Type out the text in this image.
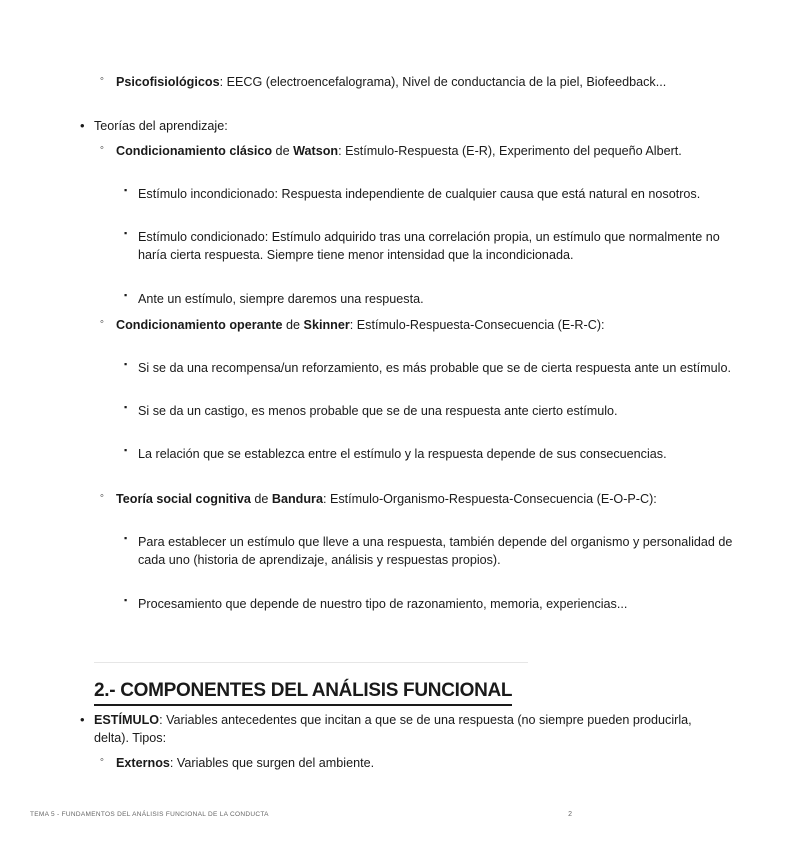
◦ Psicofisiológicos: EECG (electroencefalograma), Nivel de conductancia de la piel, Biofeedback...
• Teorías del aprendizaje:
◦ Condicionamiento clásico de Watson: Estímulo-Respuesta (E-R), Experimento del pequeño Albert.
▪ Estímulo incondicionado: Respuesta independiente de cualquier causa que está natural en nosotros.
▪ Estímulo condicionado: Estímulo adquirido tras una correlación propia, un estímulo que normalmente no haría cierta respuesta. Siempre tiene menor intensidad que la incondicionada.
▪ Ante un estímulo, siempre daremos una respuesta.
◦ Condicionamiento operante de Skinner: Estímulo-Respuesta-Consecuencia (E-R-C):
▪ Si se da una recompensa/un reforzamiento, es más probable que se de cierta respuesta ante un estímulo.
▪ Si se da un castigo, es menos probable que se de una respuesta ante cierto estímulo.
▪ La relación que se establezca entre el estímulo y la respuesta depende de sus consecuencias.
◦ Teoría social cognitiva de Bandura: Estímulo-Organismo-Respuesta-Consecuencia (E-O-P-C):
▪ Para establecer un estímulo que lleve a una respuesta, también depende del organismo y personalidad de cada uno (historia de aprendizaje, análisis y respuestas propios).
▪ Procesamiento que depende de nuestro tipo de razonamiento, memoria, experiencias...
2.- COMPONENTES DEL ANÁLISIS FUNCIONAL
• ESTÍMULO: Variables antecedentes que incitan a que se de una respuesta (no siempre pueden producirla, delta). Tipos:
◦ Externos: Variables que surgen del ambiente.
TEMA 5 - FUNDAMENTOS DEL ANÁLISIS FUNCIONAL DE LA CONDUCTA	2
